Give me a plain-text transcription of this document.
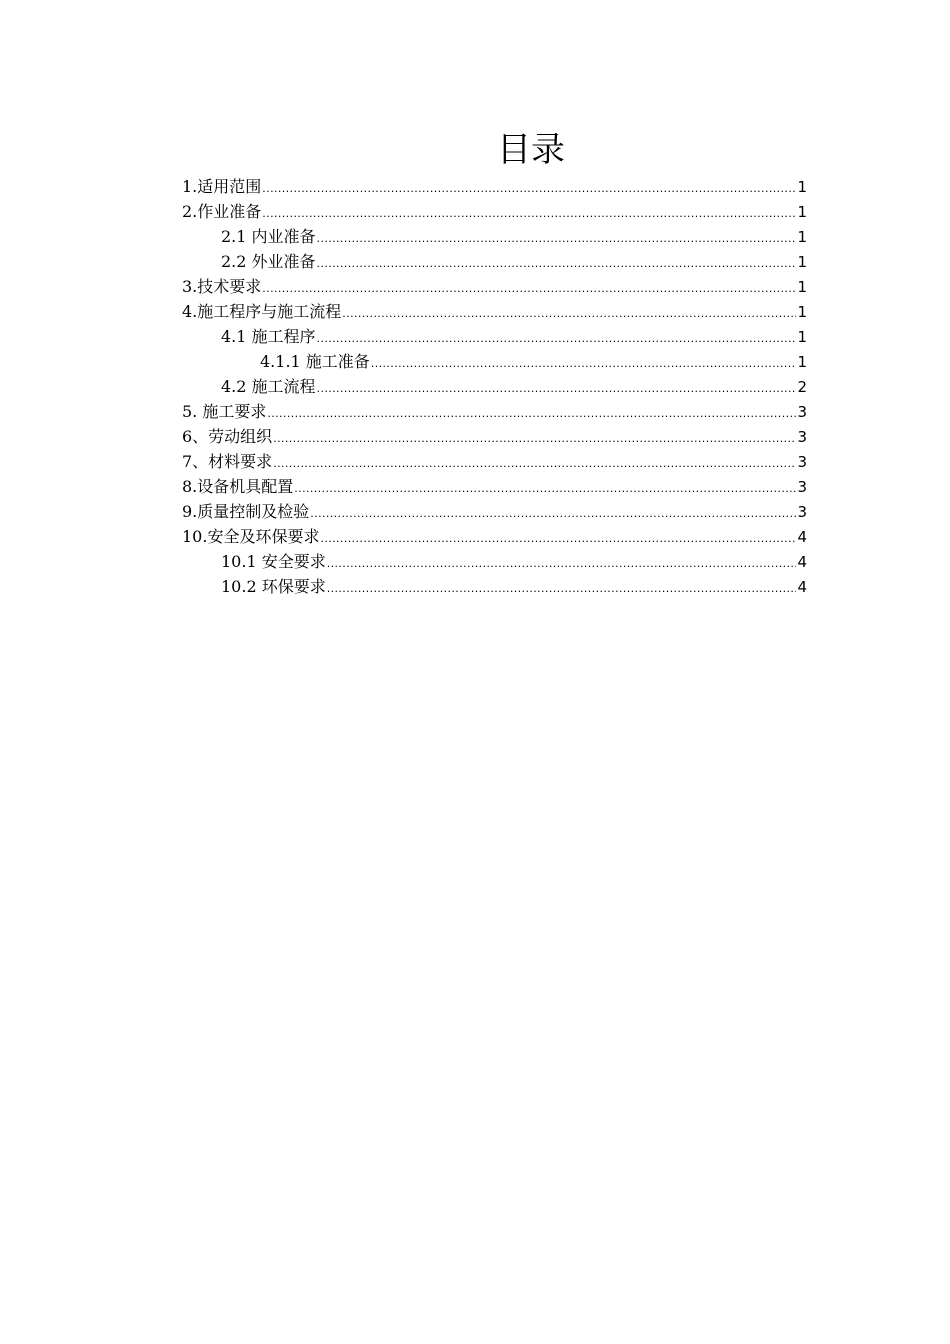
目录
1.适用范围 .....	1
2.作业准备 .....	1
2.1 内业准备 .....	1
2.2 外业准备 .....	1
3.技术要求 .....	1
4.施工程序与施工流程 .....	1
4.1 施工程序 .....	1
4.1.1 施工准备 .....	1
4.2 施工流程 .....	2
5. 施工要求 .....	3
6、劳动组织 .....	3
7、材料要求 .....	3
8.设备机具配置 .....	3
9.质量控制及检验 .....	3
10.安全及环保要求 .....	4
10.1 安全要求 .....	4
10.2 环保要求 .....	4
